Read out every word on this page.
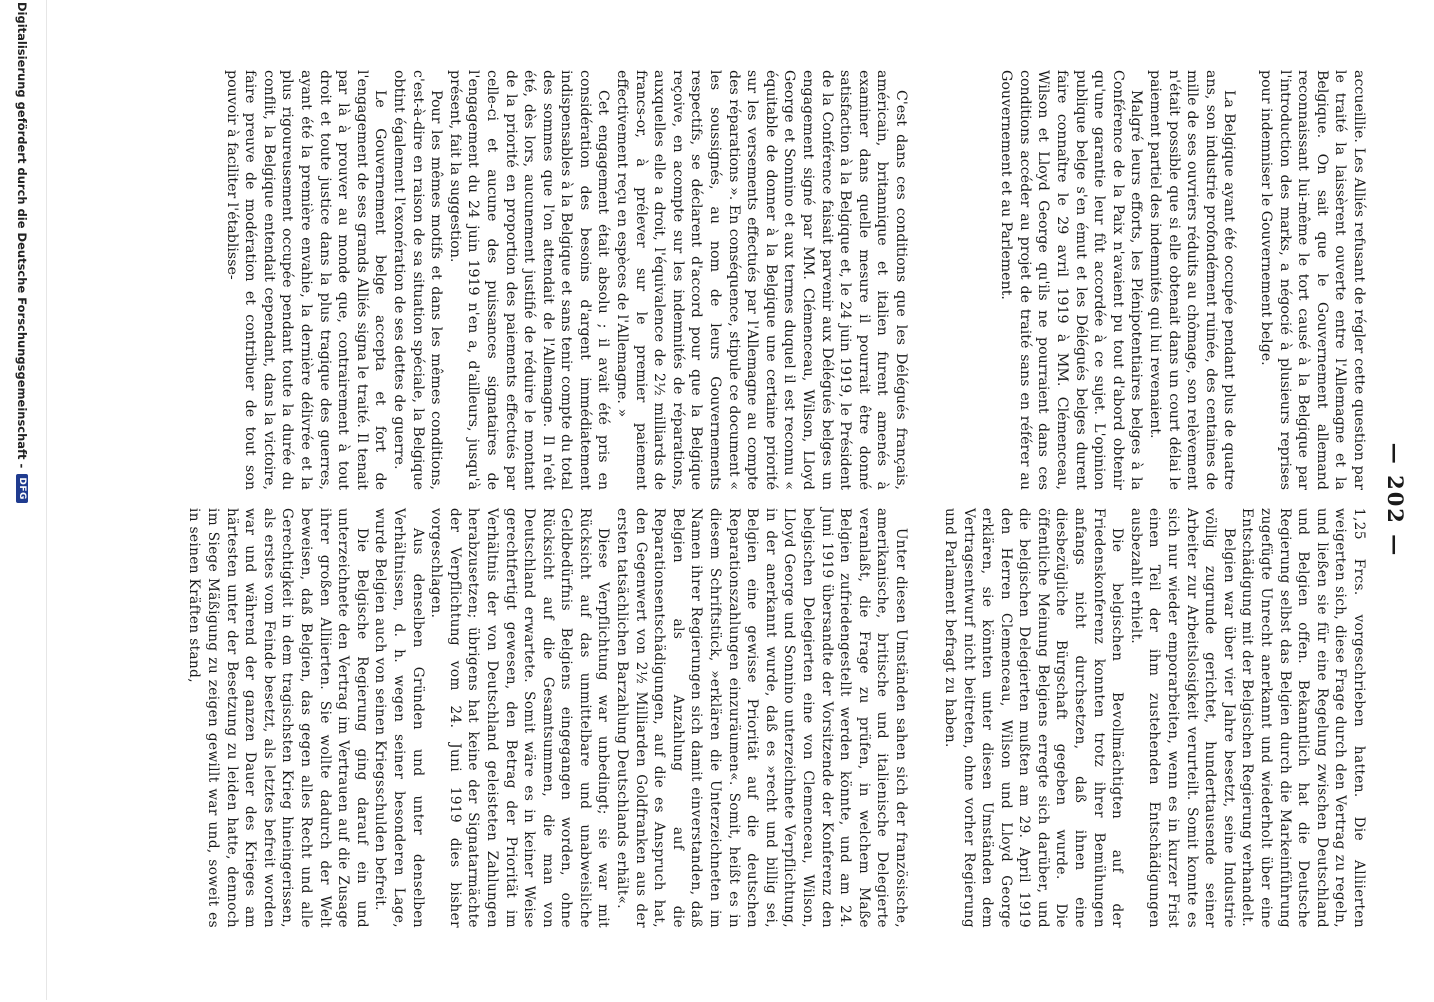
— 202 —

accueillie. Les Alliés refusant de régler cette question par le traité la laissèrent ouverte entre l'Allemagne et la Belgique. On sait que le Gouvernement allemand reconnaissant lui-même le tort causé à la Belgique par l'introduction des marks, a négocié à plusieurs reprises pour indemniser le Gouvernement belge.

La Belgique ayant été occupée pendant plus de quatre ans, son industrie profondément ruinée, des centaines de mille de ses ouvriers réduits au chômage, son relèvement n'était possible que si elle obtenait dans un court délai le paiement partiel des indemnités qui lui revenaient.

Malgré leurs efforts, les Plénipotentiaires belges à la Conférence de la Paix n'avaient pu tout d'abord obtenir qu'une garantie leur fût accordée à ce sujet. L'opinion publique belge s'en émut et les Délégués belges durent faire connaître le 29 avril 1919 à MM. Clémenceau, Wilson et Lloyd George qu'ils ne pourraient dans ces conditions accéder au projet de traité sans en référer au Gouvernement et au Parlement.

1,25 Frcs. vorgeschrieben hatten. Die Alliierten weigerten sich, diese Frage durch den Vertrag zu regeln, und ließen sie für eine Regelung zwischen Deutschland und Belgien offen. Bekanntlich hat die Deutsche Regierung selbst das Belgien durch die Markeinführung zugefügte Unrecht anerkannt und wiederholt über eine Entschädigung mit der Belgischen Regierung verhandelt.

Belgien war über vier Jahre besetzt, seine Industrie völlig zugrunde gerichtet, hunderttausende seiner Arbeiter zur Arbeitslosigkeit verurteilt. Somit konnte es sich nur wieder emporarbeiten, wenn es in kurzer Frist einen Teil der ihm zustehenden Entschädigungen ausbezahlt erhielt.

Die belgischen Bevollmächtigten auf der Friedenskonferenz konnten trotz ihrer Bemühungen anfangs nicht durchsetzen, daß ihnen eine diesbezügliche Bürgschaft gegeben wurde. Die öffentliche Meinung Belgiens erregte sich darüber, und die belgischen Delegierten mußten am 29. April 1919 den Herren Clemenceau, Wilson und Lloyd George erklären, sie könnten unter diesen Umständen dem Vertragsentwurf nicht beitreten, ohne vorher Regierung und Parlament befragt zu haben.

C'est dans ces conditions que les Délégués français, américain, britannique et italien furent amenés à examiner dans quelle mesure il pourrait être donné satisfaction à la Belgique et, le 24 juin 1919, le Président de la Conférence faisait parvenir aux Délégués belges un engagement signé par MM. Clémenceau, Wilson, Lloyd George et Sonnino et aux termes duquel il est reconnu « équitable de donner à la Belgique une certaine priorité sur les versements effectués par l'Allemagne au compte des réparations ». En conséquence, stipule ce document « les soussignés, au nom de leurs Gouvernements respectifs, se déclarent d'accord pour que la Belgique reçoive, en acompte sur les indemnités de réparations, auxquelles elle a droit, l'équivalence de 2½ milliards de francs-or, à prélever sur le premier paiement effectivement reçu en espèces de l'Allemagne. »

Cet engagement était absolu ; il avait été pris en considération des besoins d'argent immédiatement indispensables à la Belgique et sans tenir compte du total des sommes que l'on attendait de l'Allemagne. Il n'eût été, dès lors, aucunement justifié de réduire le montant de la priorité en proportion des paiements effectués par celle-ci et aucune des puissances signataires de l'engagement du 24 juin 1919 n'en a, d'ailleurs, jusqu'à présent, fait la suggestion.

Pour les mêmes motifs et dans les mêmes conditions, c'est-à-dire en raison de sa situation spéciale, la Belgique obtint également l'exonération de ses dettes de guerre.

Le Gouvernement belge accepta et fort de l'engagement de ses grands Alliés signa le traité. Il tenait par là à prouver au monde que, contrairement à tout droit et toute justice dans la plus tragique des guerres, ayant été la première envahie, la dernière délivrée et la plus rigoureusement occupée pendant toute la durée du conflit, la Belgique entendait cependant, dans la victoire, faire preuve de modération et contribuer de tout son pouvoir à faciliter l'établisse-

Unter diesen Umständen sahen sich der französische, amerikanische, britische und italienische Delegierte veranlaßt, die Frage zu prüfen, in welchem Maße Belgien zufriedengestellt werden könnte, und am 24. Juni 1919 übersandte der Vorsitzende der Konferenz den belgischen Delegierten eine von Clemenceau, Wilson, Lloyd George und Sonnino unterzeichnete Verpflichtung, in der anerkannt wurde, daß es »recht und billig sei, Belgien eine gewisse Priorität auf die deutschen Reparationszahlungen einzuräumen«. Somit, heißt es in diesem Schriftstück, »erklären die Unterzeichneten im Namen ihrer Regierungen sich damit einverstanden, daß Belgien als Anzahlung auf die Reparationsentschädigungen, auf die es Anspruch hat, den Gegenwert von 2½ Milliarden Goldfranken aus der ersten tatsächlichen Barzahlung Deutschlands erhält«.

Diese Verpflichtung war unbedingt; sie war mit Rücksicht auf das unmittelbare und unabweisliche Geldbedürfnis Belgiens eingegangen worden, ohne Rücksicht auf die Gesamtsummen, die man von Deutschland erwartete. Somit wäre es in keiner Weise gerechtfertigt gewesen, den Betrag der Priorität im Verhältnis der von Deutschland geleisteten Zahlungen herabzusetzen; übrigens hat keine der Signatarmächte der Verpflichtung vom 24. Juni 1919 dies bisher vorgeschlagen.

Aus denselben Gründen und unter denselben Verhältnissen, d. h. wegen seiner besonderen Lage, wurde Belgien auch von seinen Kriegsschulden befreit.

Die Belgische Regierung ging darauf ein und unterzeichnete den Vertrag im Vertrauen auf die Zusage ihrer großen Alliierten. Sie wollte dadurch der Welt beweisen, daß Belgien, das gegen alles Recht und alle Gerechtigkeit in dem tragischsten Krieg hineingerissen, als erstes vom Feinde besetzt, als letztes befreit worden war und während der ganzen Dauer des Krieges am härtesten unter der Besetzung zu leiden hatte, dennoch im Siege Mäßigung zu zeigen gewillt war und, soweit es in seinen Kräften stand,

Digitalisierung gefördert durch die Deutsche Forschungsgemeinschaft -
DFG
